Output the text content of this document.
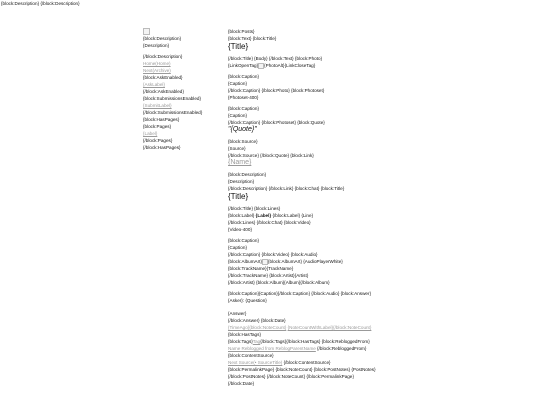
{block:Description} {/block:Description}
{block:Description}
{Description}
{/block:Description}
Home(Home)
Next(Archive)
{block:AskEnabled}
{AskLabel}
{/block:AskEnabled}
{block:SubmissionsEnabled}
{SubmitLabel}
{/block:SubmissionsEnabled}
{block:HasPages}
{block:Pages}
{Label}
{/block:Pages}
{/block:HasPages}
{block:Posts}
{block:Text} {block:Title}
{Title}
{/block:Title} {Body} {/block:Text} {block:Photo}
{LinkOpenTag} {PhotoAlt}{LinkCloseTag}
{block:Caption}
{Caption}
{/block:Caption} {/block:Photo} {block:Photoset}
{Photoset-400}
{block:Caption}
{Caption}
{/block:Caption} {/block:Photoset} {block:Quote}
"{Quote}"
{block:Source}
{Source}
{/block:Source} {/block:Quote} {block:Link}
{Name}
{block:Description}
{Description}
{/block:Description} {/block:Link} {block:Chat} {block:Title}
{Title}
{/block:Title} {block:Lines}
{block:Label} {Label} {/block:Label} {Line}
{/block:Lines} {/block:Chat} {block:Video}
{Video-400}
{block:Caption}
{Caption}
{/block:Caption} {/block:Video} {block:Audio}
{block:AlbumArt} {block:AlbumArt} {AudioPlayerWhite}
{block:TrackName}{TrackName}
{/block:TrackName} {block:Artist}{Artist}
{/block:Artist} {block:Album}{Album}{/block:Album}
{block:Caption}{Caption}{/block:Caption} {/block:Audio} {block:Answer}
{Asker}: {Question}
{Answer}
{/block:Answer} {block:Date}
{TimeAgo}{block:NoteCount} {NoteCountWithLabel}{/block:NoteCount}
{block:HasTags}
{block:Tags}Tag{/block:Tags}{/block:HasTags} {block:RebloggedFrom}
Name Reblogged from ReblogParentName {/block:RebloggedFrom}
{block:ContentSource}
Next Source(• SourceTitle) {/block:ContentSource}
{block:PermalinkPage} {block:NoteCount} {block:PostNotes} {PostNotes}
{/block:PostNotes} {/block:NoteCount} {/block:PermalinkPage}
{/block:Date}
